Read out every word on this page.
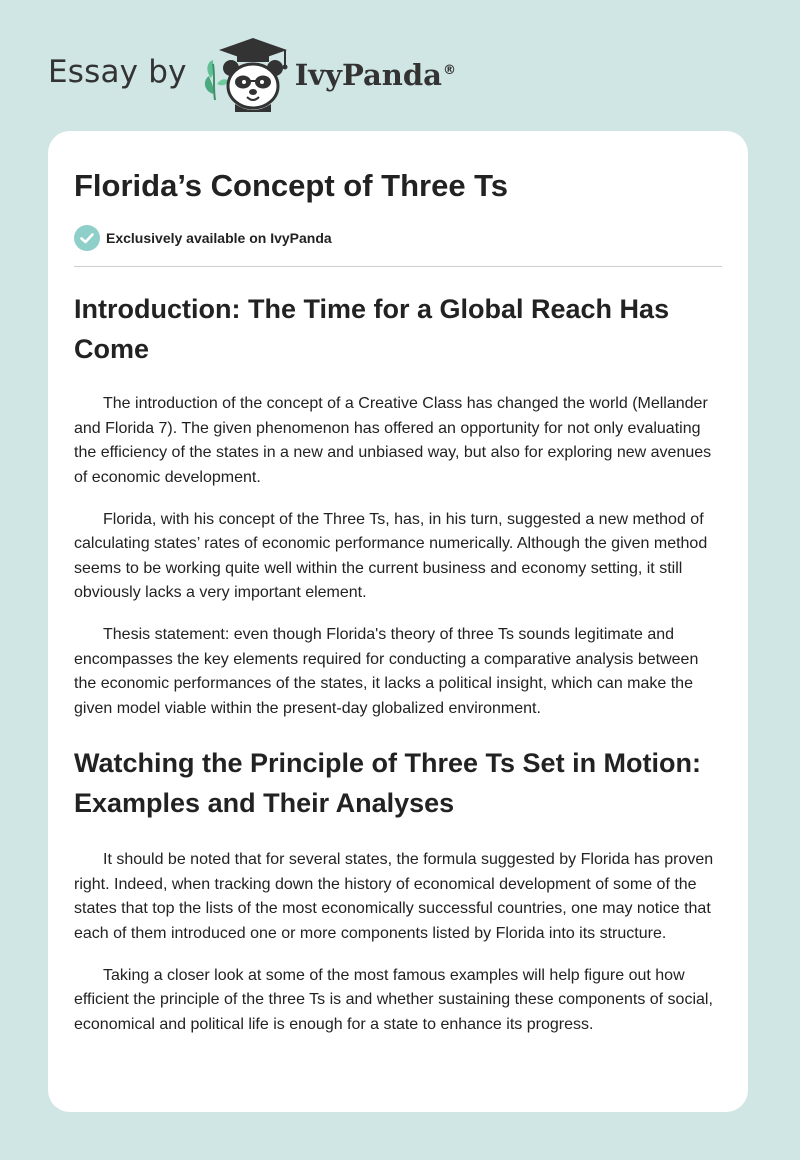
Essay by	IvyPanda®
Florida’s Concept of Three Ts
Exclusively available on IvyPanda
Introduction: The Time for a Global Reach Has Come

The introduction of the concept of a Creative Class has changed the world (Mellander and Florida 7). The given phenomenon has offered an opportunity for not only evaluating the efficiency of the states in a new and unbiased way, but also for exploring new avenues of economic development.

Florida, with his concept of the Three Ts, has, in his turn, suggested a new method of calculating states’ rates of economic performance numerically. Although the given method seems to be working quite well within the current business and economy setting, it still obviously lacks a very important element.

Thesis statement: even though Florida's theory of three Ts sounds legitimate and encompasses the key elements required for conducting a comparative analysis between the economic performances of the states, it lacks a political insight, which can make the given model viable within the present-day globalized environment.

Watching the Principle of Three Ts Set in Motion: Examples and Their Analyses

It should be noted that for several states, the formula suggested by Florida has proven right. Indeed, when tracking down the history of economical development of some of the states that top the lists of the most economically successful countries, one may notice that each of them introduced one or more components listed by Florida into its structure.

Taking a closer look at some of the most famous examples will help figure out how efficient the principle of the three Ts is and whether sustaining these components of social, economical and political life is enough for a state to enhance its progress.
